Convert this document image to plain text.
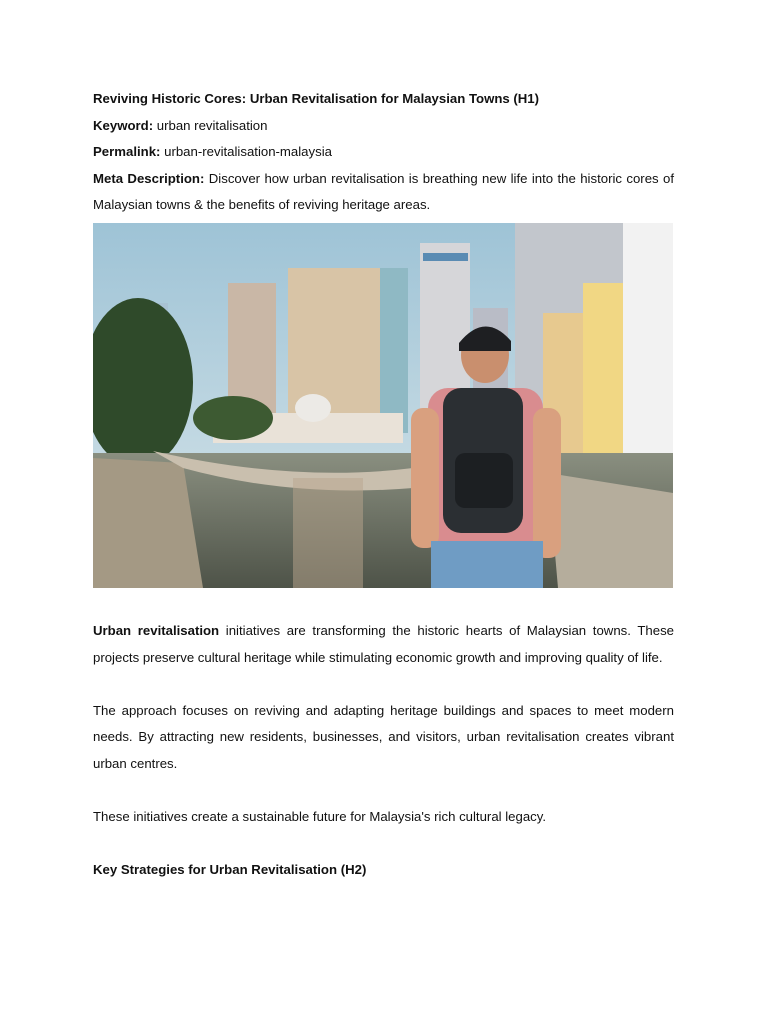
Reviving Historic Cores: Urban Revitalisation for Malaysian Towns (H1)

Keyword: urban revitalisation

Permalink: urban-revitalisation-malaysia

Meta Description: Discover how urban revitalisation is breathing new life into the historic cores of Malaysian towns & the benefits of reviving heritage areas.

Urban revitalisation initiatives are transforming the historic hearts of Malaysian towns. These projects preserve cultural heritage while stimulating economic growth and improving quality of life.

The approach focuses on reviving and adapting heritage buildings and spaces to meet modern needs. By attracting new residents, businesses, and visitors, urban revitalisation creates vibrant urban centres.

These initiatives create a sustainable future for Malaysia's rich cultural legacy.

Key Strategies for Urban Revitalisation (H2)
